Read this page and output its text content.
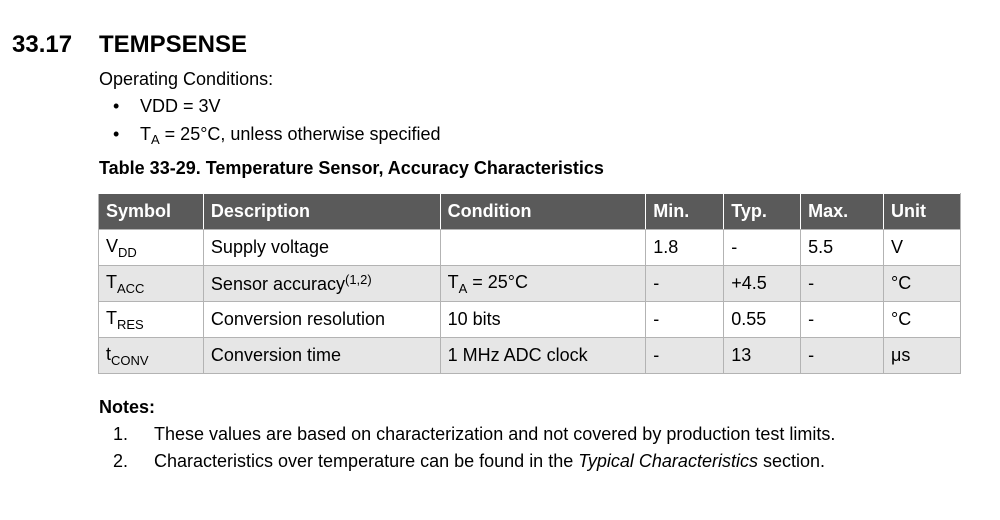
33.17 TEMPSENSE
Operating Conditions:
• VDD = 3V
• $T_A = 25^\circ C$, unless otherwise specified
Table 33-29. Temperature Sensor, Accuracy Characteristics
Symbol	Description	Condition	Min.	Typ.	Max.	Unit
$V_{DD}$	Supply voltage		1.8	-	5.5	V
$T_{ACC}$	Sensor accuracy$^{(1,2)}$	$T_A = 25^\circ C$	-	+4.5	-	°C
$T_{RES}$	Conversion resolution	10 bits	-	0.55	-	°C
$t_{CONV}$	Conversion time	1 MHz ADC clock	-	13	-	μs
Notes:
1. These values are based on characterization and not covered by production test limits.
2. Characteristics over temperature can be found in the Typical Characteristics section.
